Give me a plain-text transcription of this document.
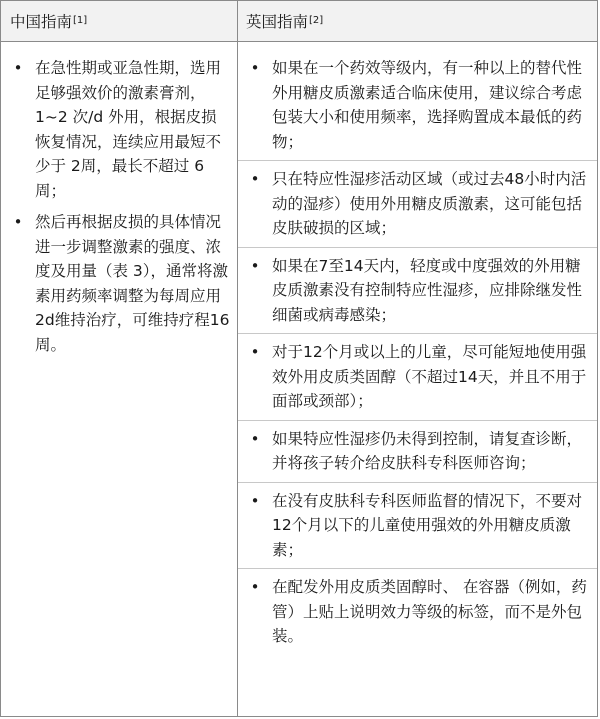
中国指南 [1]	英国指南 [2]
• 在急性期或亚急性期，选用足够强效价的激素膏剂，1~2 次/d 外用，根据皮损恢复情况，连续应用最短不少于 2周，最长不超过 6 周；
• 然后再根据皮损的具体情况进一步调整激素的强度、浓度及用量（表 3），通常将激素用药频率调整为每周应用2d维持治疗，可维持疗程16周。
• 如果在一个药效等级内，有一种以上的替代性外用糖皮质激素适合临床使用，建议综合考虑包装大小和使用频率，选择购置成本最低的药物；
• 只在特应性湿疹活动区域（或过去48小时内活动的湿疹）使用外用糖皮质激素，这可能包括皮肤破损的区域；
• 如果在7至14天内，轻度或中度强效的外用糖皮质激素没有控制特应性湿疹，应排除继发性细菌或病毒感染；
• 对于12个月或以上的儿童，尽可能短地使用强效外用皮质类固醇（不超过14天，并且不用于面部或颈部）；
• 如果特应性湿疹仍未得到控制，请复查诊断，并将孩子转介给皮肤科专科医师咨询；
• 在没有皮肤科专科医师监督的情况下，不要对12个月以下的儿童使用强效的外用糖皮质激素；
• 在配发外用皮质类固醇时、 在容器（例如，药管）上贴上说明效力等级的标签，而不是外包装。
